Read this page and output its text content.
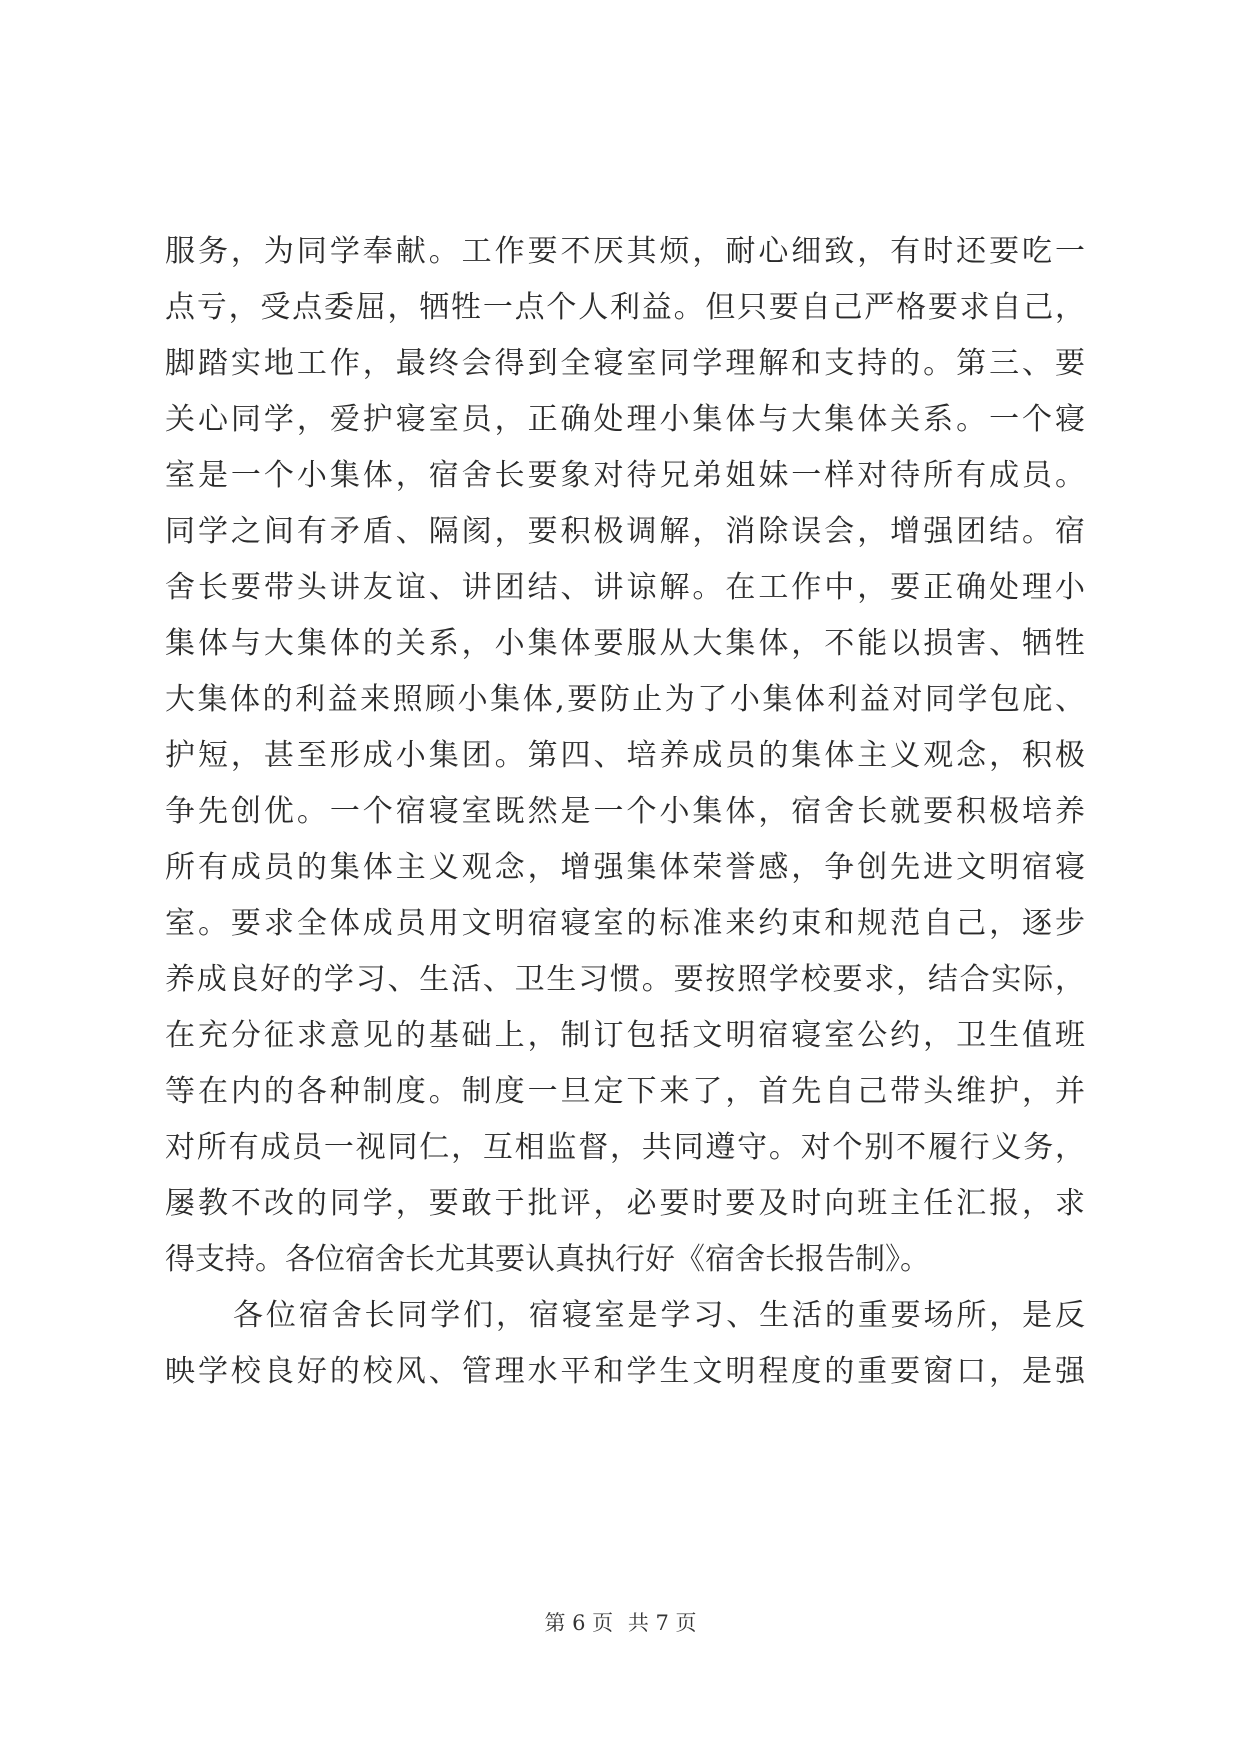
服务，为同学奉献。工作要不厌其烦，耐心细致，有时还要吃一
点亏，受点委屈，牺牲一点个人利益。但只要自己严格要求自己，
脚踏实地工作，最终会得到全寝室同学理解和支持的。第三、要
关心同学，爱护寝室员，正确处理小集体与大集体关系。一个寝
室是一个小集体，宿舍长要象对待兄弟姐妹一样对待所有成员。
同学之间有矛盾、隔阂，要积极调解，消除误会，增强团结。宿
舍长要带头讲友谊、讲团结、讲谅解。在工作中，要正确处理小
集体与大集体的关系，小集体要服从大集体，不能以损害、牺牲
大集体的利益来照顾小集体,要防止为了小集体利益对同学包庇、
护短，甚至形成小集团。第四、培养成员的集体主义观念，积极
争先创优。一个宿寝室既然是一个小集体，宿舍长就要积极培养
所有成员的集体主义观念，增强集体荣誉感，争创先进文明宿寝
室。要求全体成员用文明宿寝室的标准来约束和规范自己，逐步
养成良好的学习、生活、卫生习惯。要按照学校要求，结合实际，
在充分征求意见的基础上，制订包括文明宿寝室公约，卫生值班
等在内的各种制度。制度一旦定下来了，首先自己带头维护，并
对所有成员一视同仁，互相监督，共同遵守。对个别不履行义务，
屡教不改的同学，要敢于批评，必要时要及时向班主任汇报，求
得支持。各位宿舍长尤其要认真执行好《宿舍长报告制》。
各位宿舍长同学们，宿寝室是学习、生活的重要场所，是反
映学校良好的校风、管理水平和学生文明程度的重要窗口，是强
第 6 页 共 7 页
